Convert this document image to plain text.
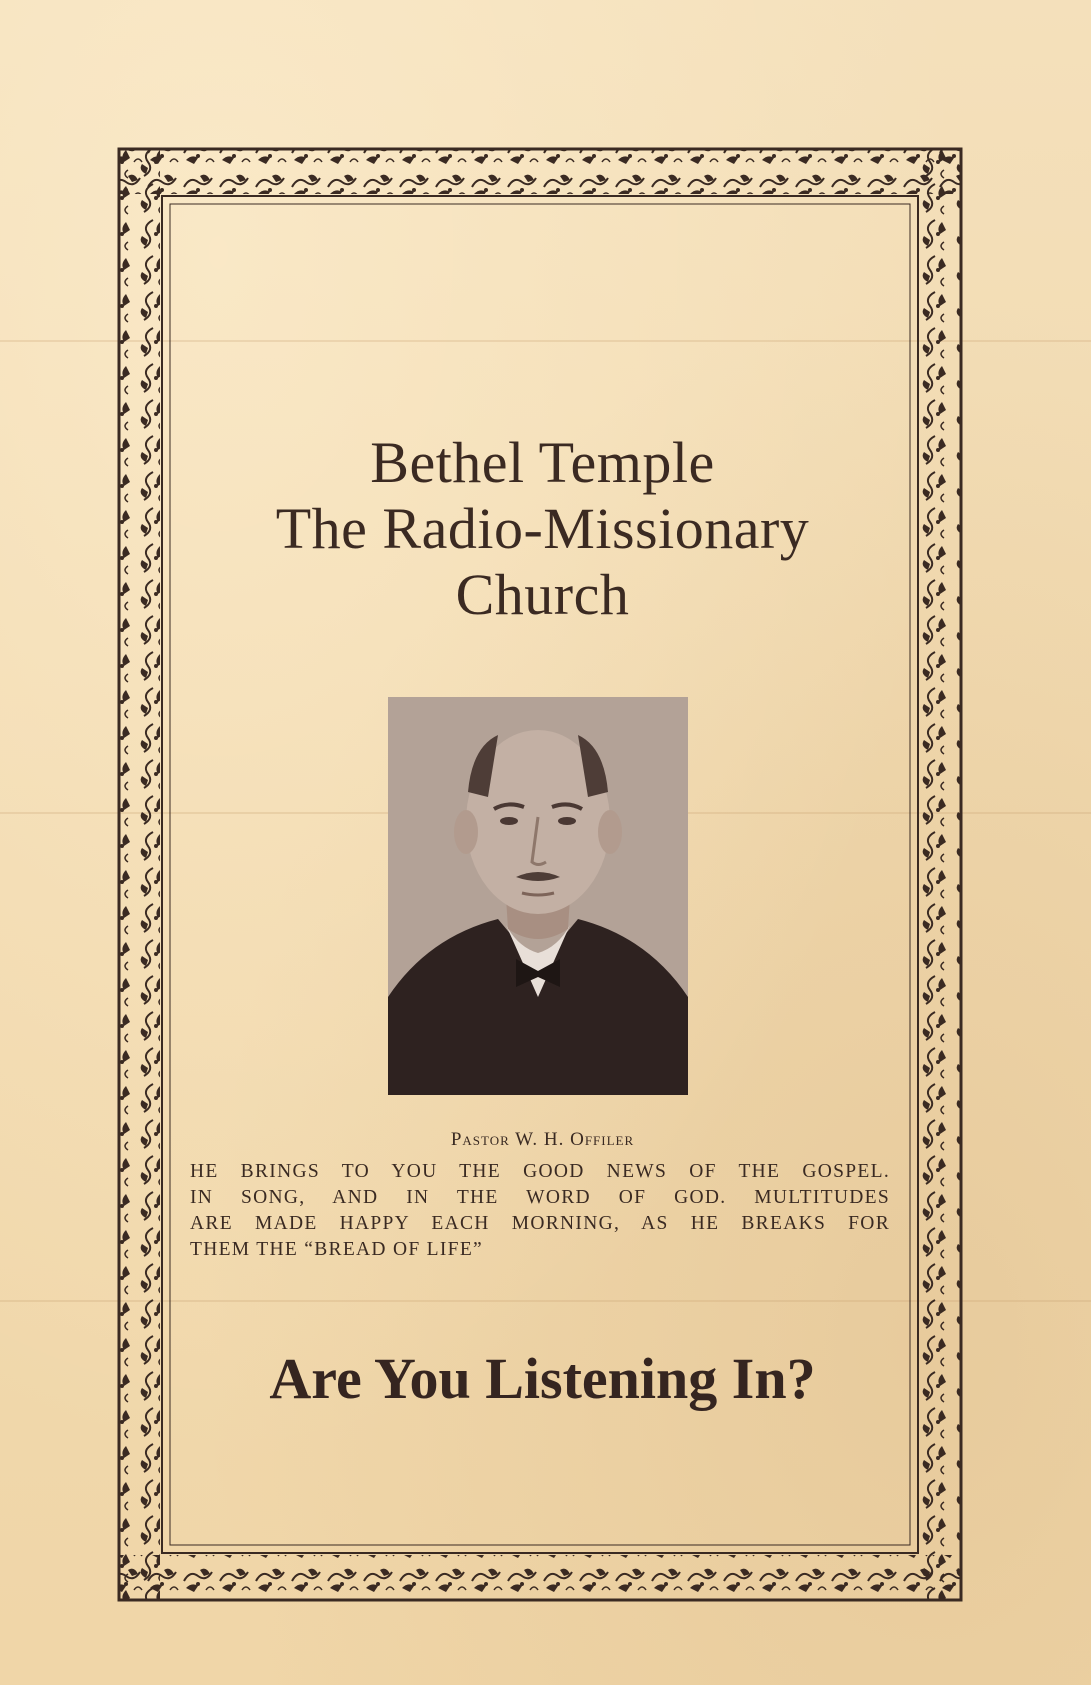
Bethel Temple
The Radio-Missionary
Church
Pastor W. H. Offiler
HE BRINGS TO YOU THE GOOD NEWS OF THE GOSPEL.
IN SONG, AND IN THE WORD OF GOD. MULTITUDES
ARE MADE HAPPY EACH MORNING, AS HE BREAKS FOR
THEM THE “BREAD OF LIFE”
Are You Listening In?
